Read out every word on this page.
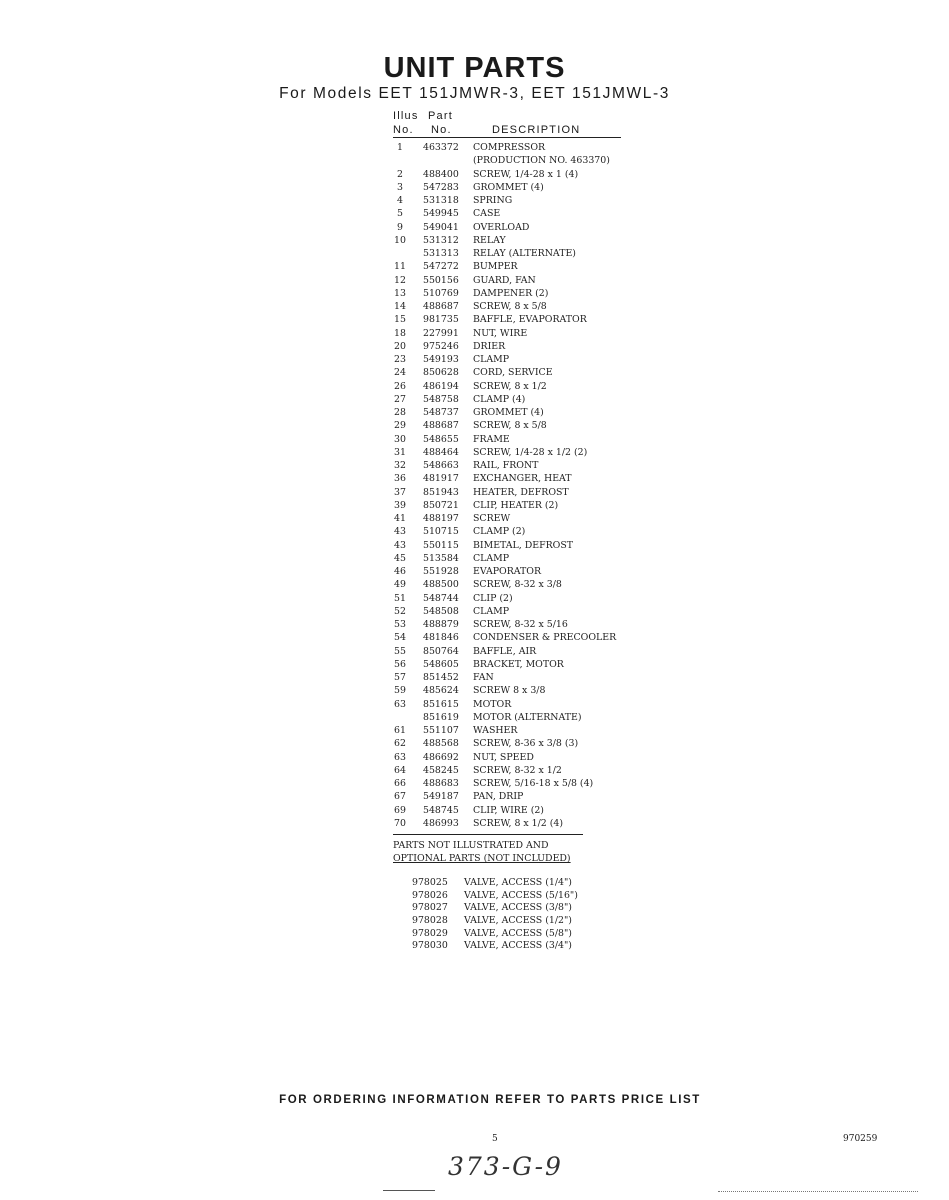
UNIT PARTS
For Models EET 151JMWR-3, EET 151JMWL-3
Illus Part
No. No.	DESCRIPTION
1	463372 COMPRESSOR
(PRODUCTION NO. 463370)
2	488400 SCREW, 1/4-28 x 1 (4)
3	547283 GROMMET (4)
4	531318 SPRING
5	549945 CASE
9	549041 OVERLOAD
10	531312 RELAY
531313 RELAY (ALTERNATE)
11	547272 BUMPER
12	550156 GUARD, FAN
13	510769 DAMPENER (2)
14	488687 SCREW, 8 x 5/8
15	981735 BAFFLE, EVAPORATOR
18	227991 NUT, WIRE
20	975246 DRIER
23	549193 CLAMP
24	850628 CORD, SERVICE
26	486194 SCREW, 8 x 1/2
27	548758 CLAMP (4)
28	548737 GROMMET (4)
29	488687 SCREW, 8 x 5/8
30	548655 FRAME
31	488464 SCREW, 1/4-28 x 1/2 (2)
32	548663 RAIL, FRONT
36	481917 EXCHANGER, HEAT
37	851943 HEATER, DEFROST
39	850721 CLIP, HEATER (2)
41	488197 SCREW
43	510715 CLAMP (2)
43	550115 BIMETAL, DEFROST
45	513584 CLAMP
46	551928 EVAPORATOR
49	488500 SCREW, 8-32 x 3/8
51	548744 CLIP (2)
52	548508 CLAMP
53	488879 SCREW, 8-32 x 5/16
54	481846 CONDENSER & PRECOOLER
55	850764 BAFFLE, AIR
56	548605 BRACKET, MOTOR
57	851452 FAN
59	485624 SCREW 8 x 3/8
63	851615 MOTOR
851619 MOTOR (ALTERNATE)
61	551107 WASHER
62	488568 SCREW, 8-36 x 3/8 (3)
63	486692 NUT, SPEED
64	458245 SCREW, 8-32 x 1/2
66	488683 SCREW, 5/16-18 x 5/8 (4)
67	549187 PAN, DRIP
69	548745 CLIP, WIRE (2)
70	486993 SCREW, 8 x 1/2 (4)
PARTS NOT ILLUSTRATED AND
OPTIONAL PARTS (NOT INCLUDED)
978025 VALVE, ACCESS (1/4")
978026 VALVE, ACCESS (5/16")
978027 VALVE, ACCESS (3/8")
978028 VALVE, ACCESS (1/2")
978029 VALVE, ACCESS (5/8")
978030 VALVE, ACCESS (3/4")
FOR ORDERING INFORMATION REFER TO PARTS PRICE LIST
5	970259
373-G-9
